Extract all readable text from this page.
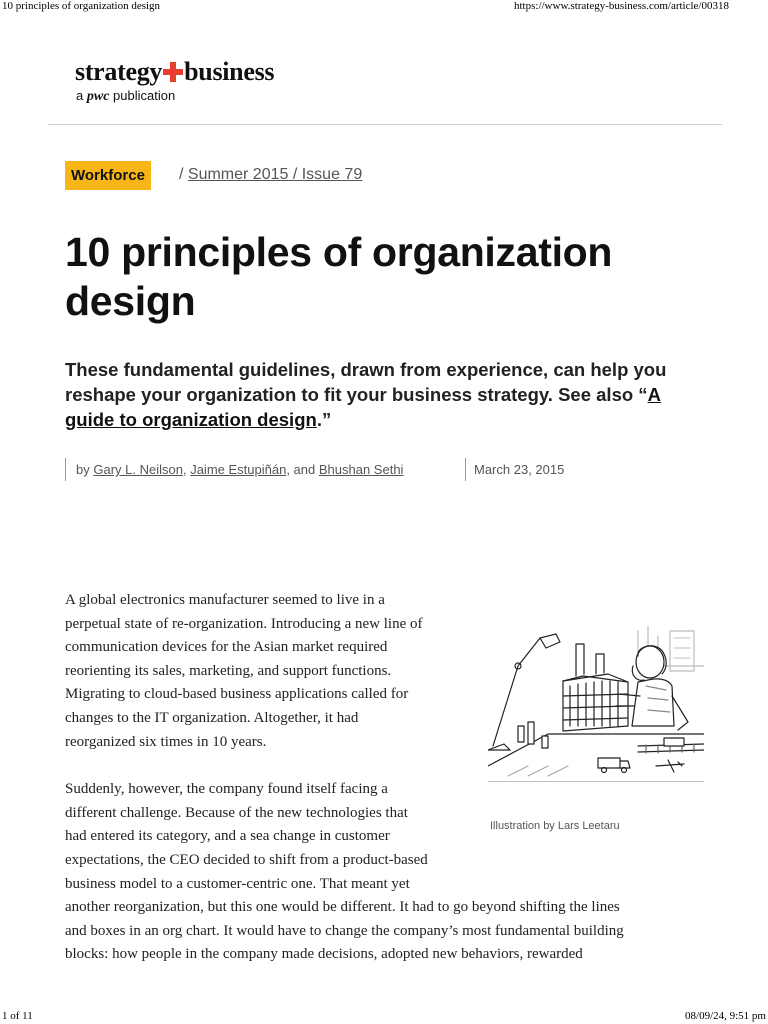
10 principles of organization design	https://www.strategy-business.com/article/00318
strategy business
a pwc publication
Workforce	/ Summer 2015 / Issue 79
10 principles of organization design

These fundamental guidelines, drawn from experience, can help you reshape your organization to fit your business strategy. See also “A guide to organization design.”

by Gary L. Neilson, Jaime Estupiñán, and Bhushan Sethi	March 23, 2015

A global electronics manufacturer seemed to live in a
perpetual state of re-organization. Introducing a new line of
communication devices for the Asian market required
reorienting its sales, marketing, and support functions.
Migrating to cloud-based business applications called for
changes to the IT organization. Altogether, it had
reorganized six times in 10 years.

Suddenly, however, the company found itself facing a
different challenge. Because of the new technologies that
had entered its category, and a sea change in customer
expectations, the CEO decided to shift from a product-based
business model to a customer-centric one. That meant yet
another reorganization, but this one would be different. It had to go beyond shifting the lines
and boxes in an org chart. It would have to change the company’s most fundamental building
blocks: how people in the company made decisions, adopted new behaviors, rewarded

Illustration by Lars Leetaru
1 of 11	08/09/24, 9:51 pm
